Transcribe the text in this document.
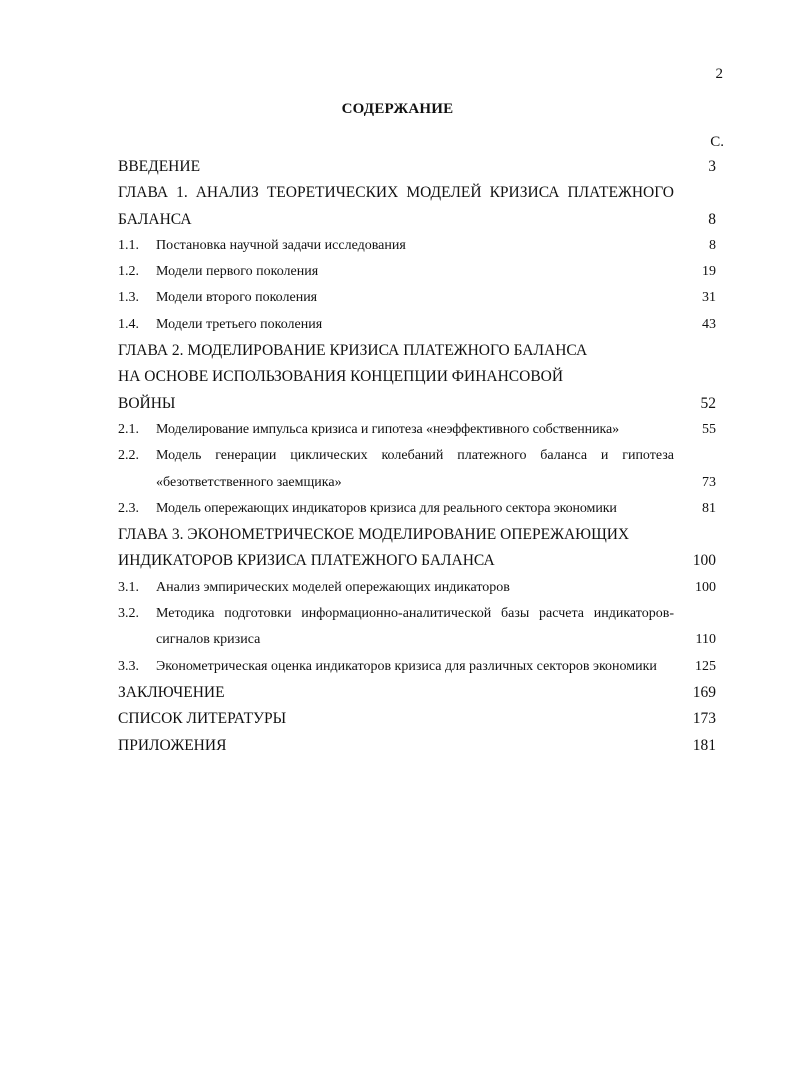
2
СОДЕРЖАНИЕ
С.
ВВЕДЕНИЕ	3
ГЛАВА 1. АНАЛИЗ ТЕОРЕТИЧЕСКИХ МОДЕЛЕЙ КРИЗИСА ПЛАТЕЖНОГО БАЛАНСА	8
1.1.	Постановка научной задачи исследования	8
1.2.	Модели первого поколения	19
1.3.	Модели второго поколения	31
1.4.	Модели третьего поколения	43
ГЛАВА 2. МОДЕЛИРОВАНИЕ КРИЗИСА ПЛАТЕЖНОГО БАЛАНСА НА ОСНОВЕ ИСПОЛЬЗОВАНИЯ КОНЦЕПЦИИ ФИНАНСОВОЙ ВОЙНЫ	52
2.1.	Моделирование импульса кризиса и гипотеза «неэффективного собственника»	55
2.2.	Модель генерации циклических колебаний платежного баланса и гипотеза «безответственного заемщика»	73
2.3.	Модель опережающих индикаторов кризиса для реального сектора экономики	81
ГЛАВА 3. ЭКОНОМЕТРИЧЕСКОЕ МОДЕЛИРОВАНИЕ ОПЕРЕЖАЮЩИХ ИНДИКАТОРОВ КРИЗИСА ПЛАТЕЖНОГО БАЛАНСА	100
3.1.	Анализ эмпирических моделей опережающих индикаторов	100
3.2.	Методика подготовки информационно-аналитической базы расчета индикаторов-сигналов кризиса	110
3.3.	Эконометрическая оценка индикаторов кризиса для различных секторов экономики	125
ЗАКЛЮЧЕНИЕ	169
СПИСОК ЛИТЕРАТУРЫ	173
ПРИЛОЖЕНИЯ	181
